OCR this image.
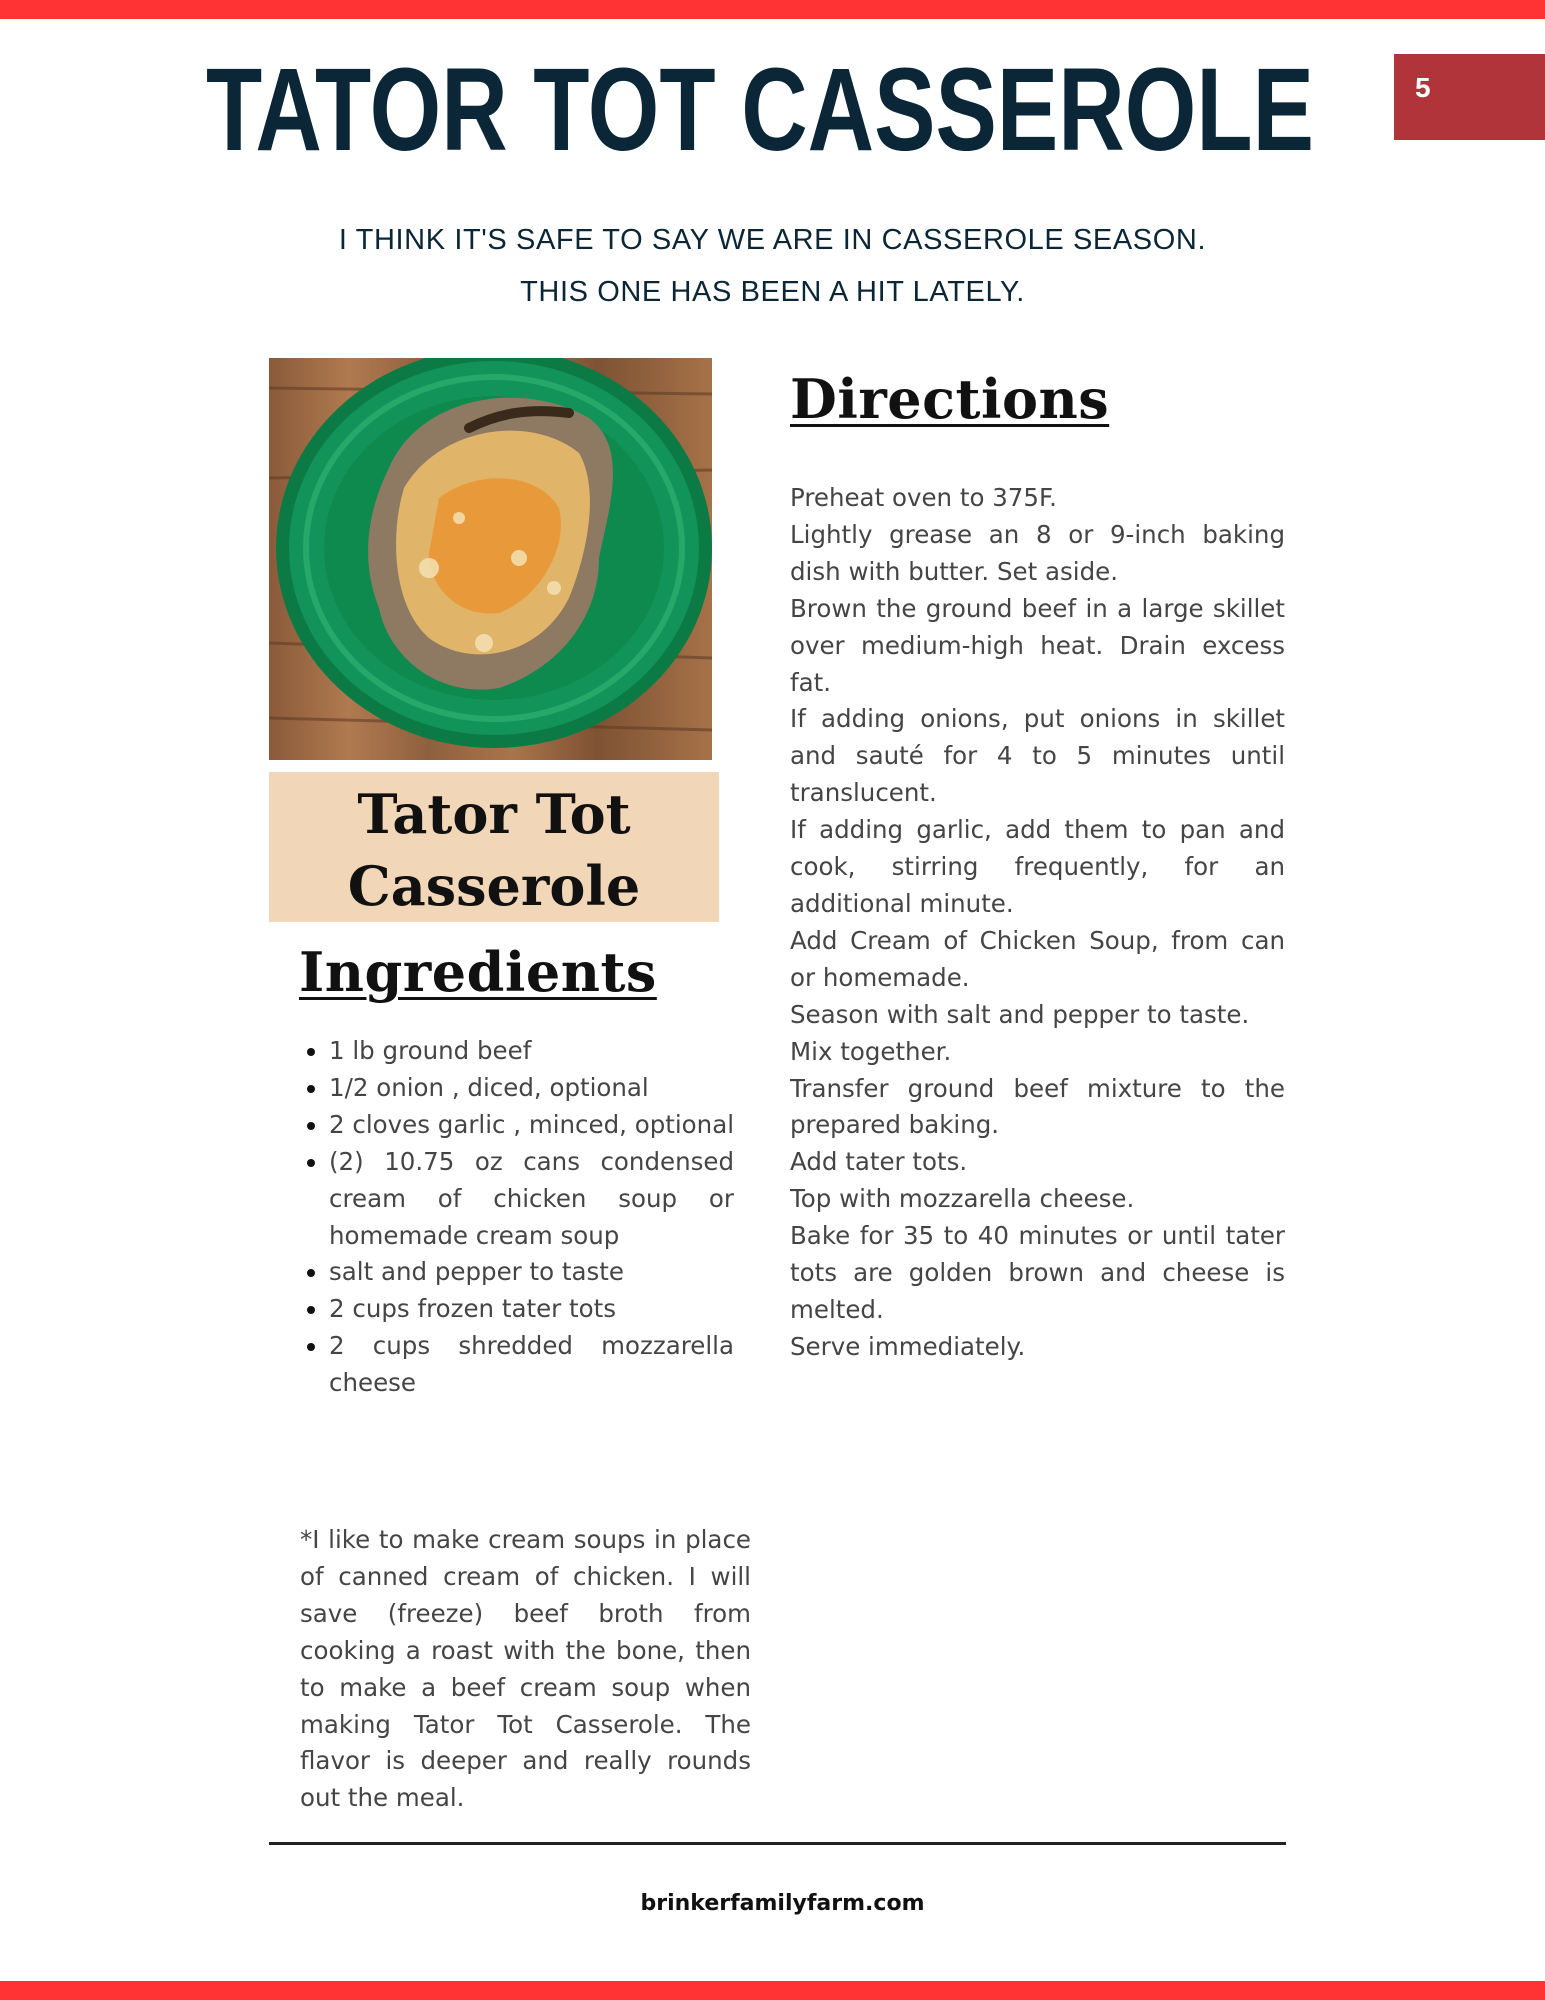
5
TATOR TOT CASSEROLE
I THINK IT'S SAFE TO SAY WE ARE IN CASSEROLE SEASON.
THIS ONE HAS BEEN A HIT LATELY.
Tator Tot
Casserole
Directions
Preheat oven to 375F.
Lightly grease an 8 or 9-inch baking dish with butter. Set aside.
Brown the ground beef in a large skillet over medium-high heat. Drain excess fat.
If adding onions, put onions in skillet and sauté for 4 to 5 minutes until translucent.
If adding garlic, add them to pan and cook, stirring frequently, for an additional minute.
Add Cream of Chicken Soup, from can or homemade.
Season with salt and pepper to taste.
Mix together.
Transfer ground beef mixture to the prepared baking.
Add tater tots.
Top with mozzarella cheese.
Bake for 35 to 40 minutes or until tater tots are golden brown and cheese is melted.
Serve immediately.
Ingredients
1 lb ground beef
1/2 onion , diced, optional
2 cloves garlic , minced, optional
(2) 10.75 oz cans condensed cream of chicken soup or homemade cream soup
salt and pepper to taste
2 cups frozen tater tots
2 cups shredded mozzarella cheese

*I like to make cream soups in place of canned cream of chicken. I will save (freeze) beef broth from cooking a roast with the bone, then to make a beef cream soup when making Tator Tot Casserole. The flavor is deeper and really rounds out the meal.

brinkerfamilyfarm.com
